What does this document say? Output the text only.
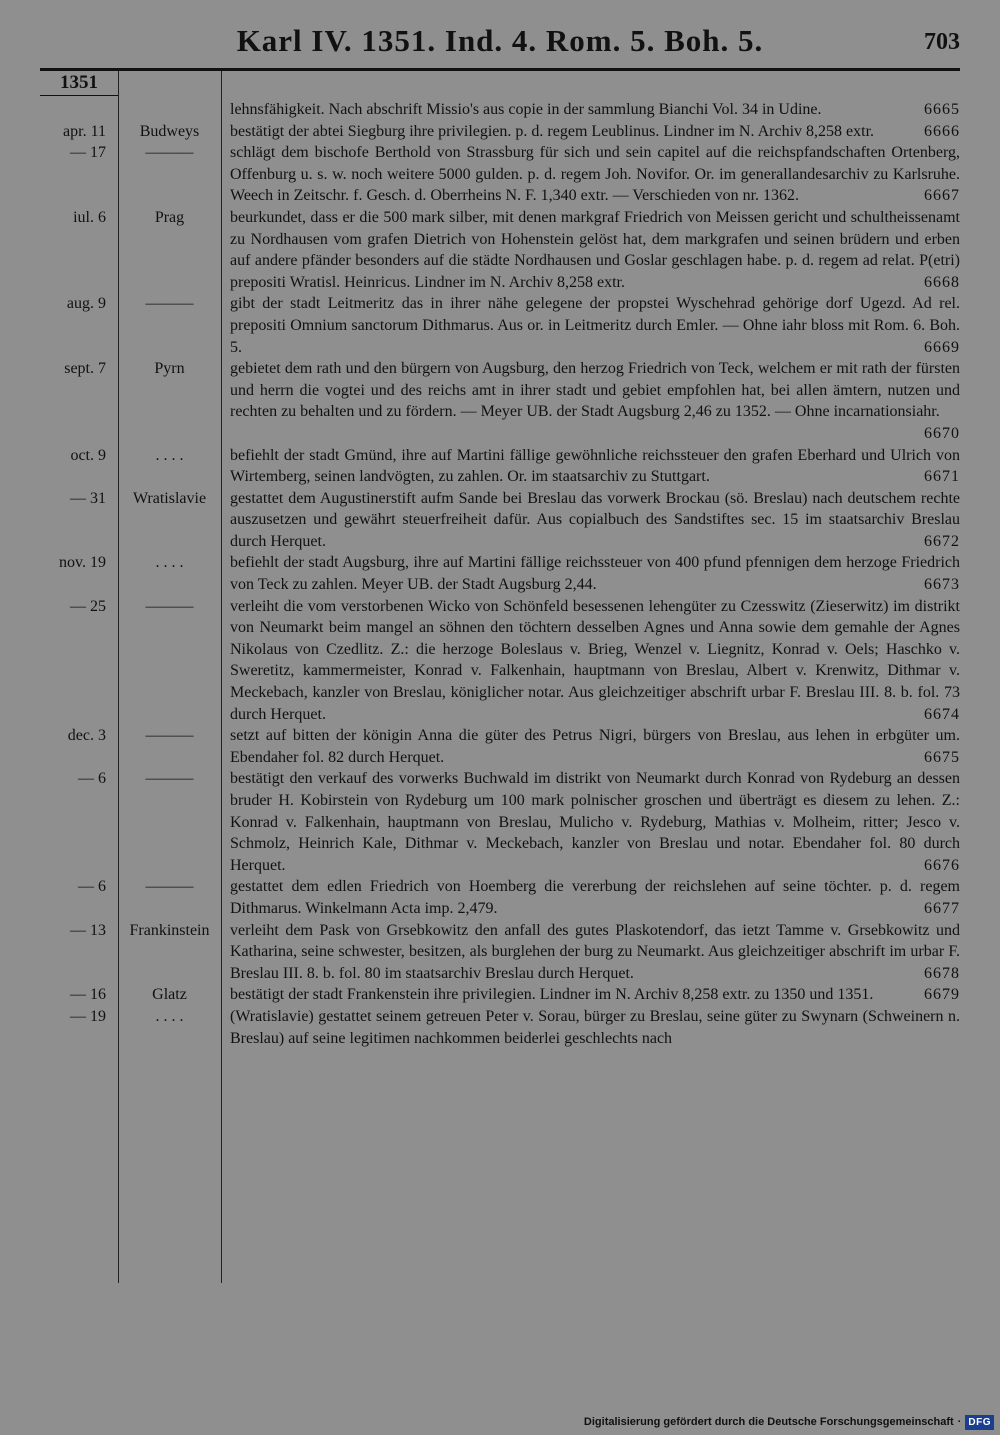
Karl IV. 1351. Ind. 4. Rom. 5. Boh. 5.	703
1351
lehnsfähigkeit. Nach abschrift Missio's aus copie in der sammlung Bianchi Vol. 34 in Udine.	6665
apr. 11	Budweys	bestätigt der abtei Siegburg ihre privilegien. p. d. regem Leublinus. Lindner im N. Archiv 8,258 extr.	6666
— 17	———	schlägt dem bischofe Berthold von Strassburg für sich und sein capitel auf die reichspfandschaften Ortenberg, Offenburg u. s. w. noch weitere 5000 gulden. p. d. regem Joh. Novifor. Or. im generallandesarchiv zu Karlsruhe. Weech in Zeitschr. f. Gesch. d. Oberrheins N. F. 1,340 extr. — Verschieden von nr. 1362.	6667
iul. 6	Prag	beurkundet, dass er die 500 mark silber, mit denen markgraf Friedrich von Meissen gericht und schultheissenamt zu Nordhausen vom grafen Dietrich von Hohenstein gelöst hat, dem markgrafen und seinen brüdern und erben auf andere pfänder besonders auf die städte Nordhausen und Goslar geschlagen habe. p. d. regem ad relat. P(etri) prepositi Wratisl. Heinricus. Lindner im N. Archiv 8,258 extr.	6668
aug. 9	———	gibt der stadt Leitmeritz das in ihrer nähe gelegene der propstei Wyschehrad gehörige dorf Ugezd. Ad rel. prepositi Omnium sanctorum Dithmarus. Aus or. in Leitmeritz durch Emler. — Ohne iahr bloss mit Rom. 6. Boh. 5.	6669
sept. 7	Pyrn	gebietet dem rath und den bürgern von Augsburg, den herzog Friedrich von Teck, welchem er mit rath der fürsten und herrn die vogtei und des reichs amt in ihrer stadt und gebiet empfohlen hat, bei allen ämtern, nutzen und rechten zu behalten und zu fördern. — Meyer UB. der Stadt Augsburg 2,46 zu 1352. — Ohne incarnationsiahr.
6670
oct. 9	. . . .	befiehlt der stadt Gmünd, ihre auf Martini fällige gewöhnliche reichssteuer den grafen Eberhard und Ulrich von Wirtemberg, seinen landvögten, zu zahlen. Or. im staatsarchiv zu Stuttgart.	6671
— 31	Wratislavie	gestattet dem Augustinerstift aufm Sande bei Breslau das vorwerk Brockau (sö. Breslau) nach deutschem rechte auszusetzen und gewährt steuerfreiheit dafür. Aus copialbuch des Sandstiftes sec. 15 im staatsarchiv Breslau durch Herquet.	6672
nov. 19	. . . .	befiehlt der stadt Augsburg, ihre auf Martini fällige reichssteuer von 400 pfund pfennigen dem herzoge Friedrich von Teck zu zahlen. Meyer UB. der Stadt Augsburg 2,44.	6673
— 25	———	verleiht die vom verstorbenen Wicko von Schönfeld besessenen lehengüter zu Czesswitz (Zieserwitz) im distrikt von Neumarkt beim mangel an söhnen den töchtern desselben Agnes und Anna sowie dem gemahle der Agnes Nikolaus von Czedlitz. Z.: die herzoge Boleslaus v. Brieg, Wenzel v. Liegnitz, Konrad v. Oels; Haschko v. Sweretitz, kammermeister, Konrad v. Falkenhain, hauptmann von Breslau, Albert v. Krenwitz, Dithmar v. Meckebach, kanzler von Breslau, königlicher notar. Aus gleichzeitiger abschrift urbar F. Breslau III. 8. b. fol. 73 durch Herquet.	6674
dec. 3	———	setzt auf bitten der königin Anna die güter des Petrus Nigri, bürgers von Breslau, aus lehen in erbgüter um. Ebendaher fol. 82 durch Herquet.	6675
— 6	———	bestätigt den verkauf des vorwerks Buchwald im distrikt von Neumarkt durch Konrad von Rydeburg an dessen bruder H. Kobirstein von Rydeburg um 100 mark polnischer groschen und überträgt es diesem zu lehen. Z.: Konrad v. Falkenhain, hauptmann von Breslau, Mulicho v. Rydeburg, Mathias v. Molheim, ritter; Jesco v. Schmolz, Heinrich Kale, Dithmar v. Meckebach, kanzler von Breslau und notar. Ebendaher fol. 80 durch Herquet.	6676
— 6	———	gestattet dem edlen Friedrich von Hoemberg die vererbung der reichslehen auf seine töchter. p. d. regem Dithmarus. Winkelmann Acta imp. 2,479.	6677
— 13	Frankinstein	verleiht dem Pask von Grsebkowitz den anfall des gutes Plaskotendorf, das ietzt Tamme v. Grsebkowitz und Katharina, seine schwester, besitzen, als burglehen der burg zu Neumarkt. Aus gleichzeitiger abschrift im urbar F. Breslau III. 8. b. fol. 80 im staatsarchiv Breslau durch Herquet.	6678
— 16	Glatz	bestätigt der stadt Frankenstein ihre privilegien. Lindner im N. Archiv 8,258 extr. zu 1350 und 1351.	6679
— 19	. . . .	(Wratislavie) gestattet seinem getreuen Peter v. Sorau, bürger zu Breslau, seine güter zu Swynarn (Schweinern n. Breslau) auf seine legitimen nachkommen beiderlei geschlechts nach
Digitalisierung gefördert durch die Deutsche Forschungsgemeinschaft · DFG
